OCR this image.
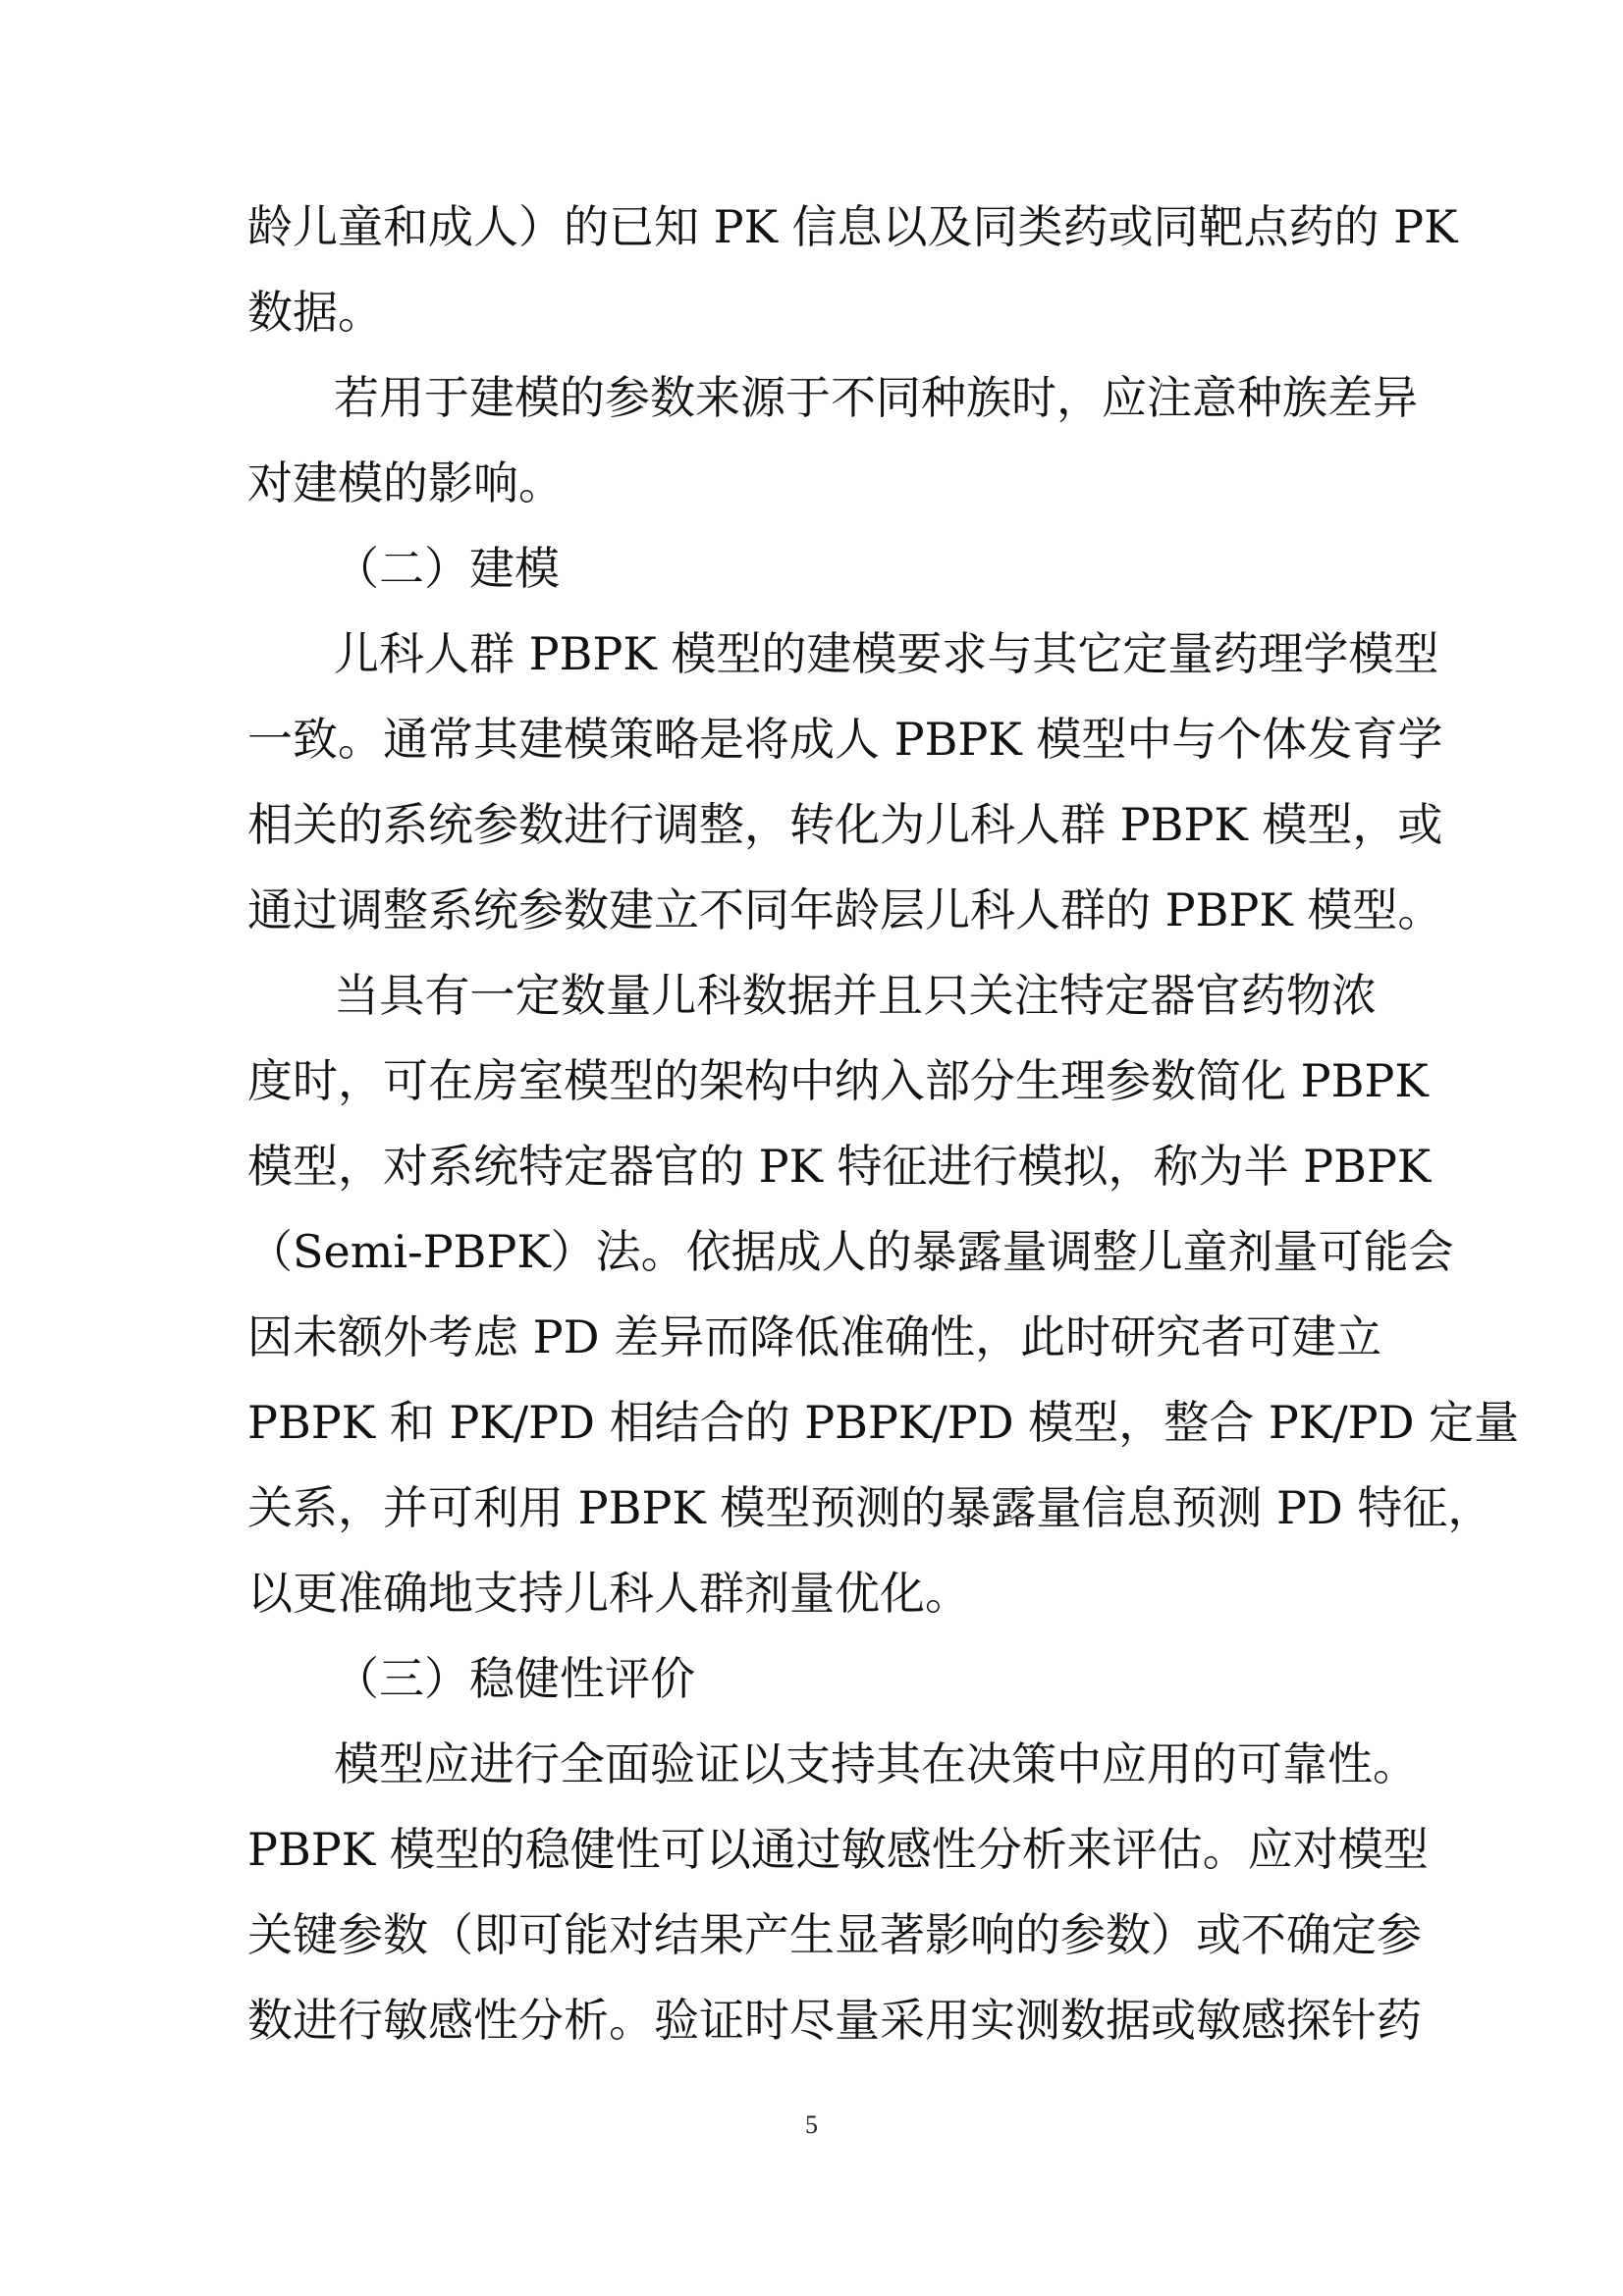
龄儿童和成人）的已知 PK 信息以及同类药或同靶点药的 PK
数据。
若用于建模的参数来源于不同种族时，应注意种族差异
对建模的影响。
（二）建模
儿科人群 PBPK 模型的建模要求与其它定量药理学模型
一致。通常其建模策略是将成人 PBPK 模型中与个体发育学
相关的系统参数进行调整，转化为儿科人群 PBPK 模型，或
通过调整系统参数建立不同年龄层儿科人群的 PBPK 模型。
当具有一定数量儿科数据并且只关注特定器官药物浓
度时，可在房室模型的架构中纳入部分生理参数简化 PBPK
模型，对系统特定器官的 PK 特征进行模拟，称为半 PBPK
（Semi-PBPK）法。依据成人的暴露量调整儿童剂量可能会
因未额外考虑 PD 差异而降低准确性，此时研究者可建立
PBPK 和 PK/PD 相结合的 PBPK/PD 模型，整合 PK/PD 定量
关系，并可利用 PBPK 模型预测的暴露量信息预测 PD 特征，
以更准确地支持儿科人群剂量优化。
（三）稳健性评价
模型应进行全面验证以支持其在决策中应用的可靠性。
PBPK 模型的稳健性可以通过敏感性分析来评估。应对模型
关键参数（即可能对结果产生显著影响的参数）或不确定参
数进行敏感性分析。验证时尽量采用实测数据或敏感探针药
5
